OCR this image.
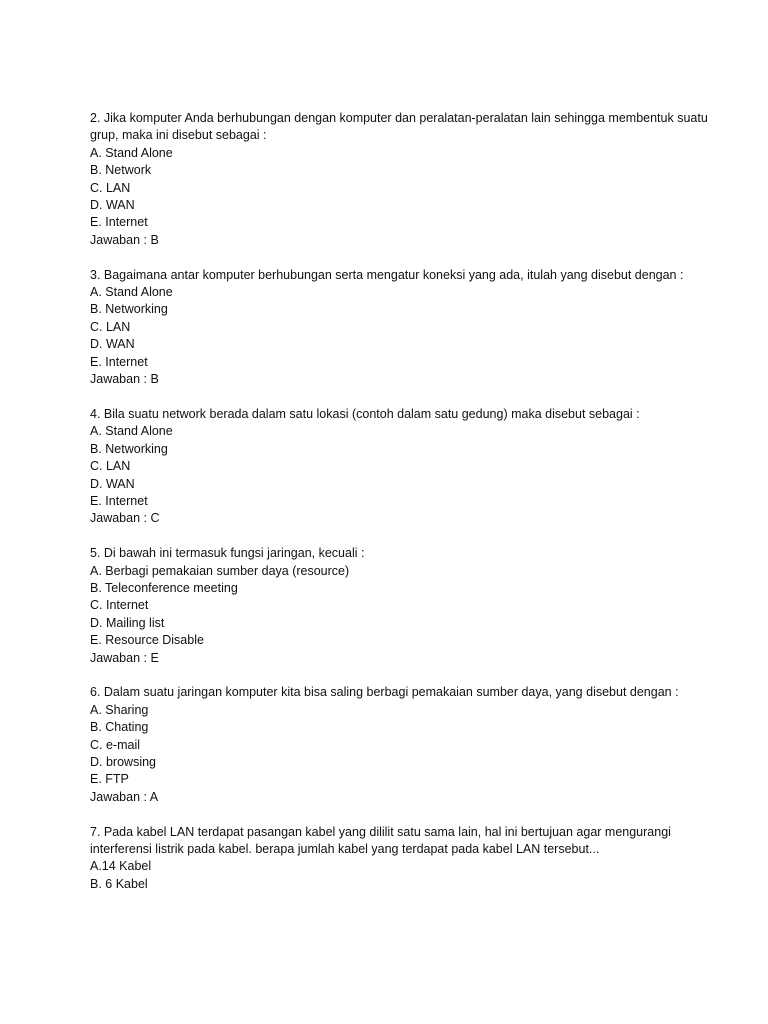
2. Jika komputer Anda berhubungan dengan komputer dan peralatan-peralatan lain sehingga membentuk suatu grup, maka ini disebut sebagai :
A. Stand Alone
B. Network
C. LAN
D. WAN
E. Internet
Jawaban : B
3. Bagaimana antar komputer berhubungan serta mengatur koneksi yang ada, itulah yang disebut dengan :
A. Stand Alone
B. Networking
C. LAN
D. WAN
E. Internet
Jawaban : B
4. Bila suatu network berada dalam satu lokasi (contoh dalam satu gedung) maka disebut sebagai :
A. Stand Alone
B. Networking
C. LAN
D. WAN
E. Internet
Jawaban : C
5. Di bawah ini termasuk fungsi jaringan, kecuali :
A. Berbagi pemakaian sumber daya (resource)
B. Teleconference meeting
C. Internet
D. Mailing list
E. Resource Disable
Jawaban : E
6. Dalam suatu jaringan komputer kita bisa saling berbagi pemakaian sumber daya, yang disebut dengan :
A. Sharing
B. Chating
C. e-mail
D. browsing
E. FTP
Jawaban : A
7. Pada kabel LAN terdapat pasangan kabel yang dililit satu sama lain, hal ini bertujuan agar mengurangi interferensi listrik pada kabel. berapa jumlah kabel yang terdapat pada kabel LAN tersebut...
A.14 Kabel
B. 6 Kabel
